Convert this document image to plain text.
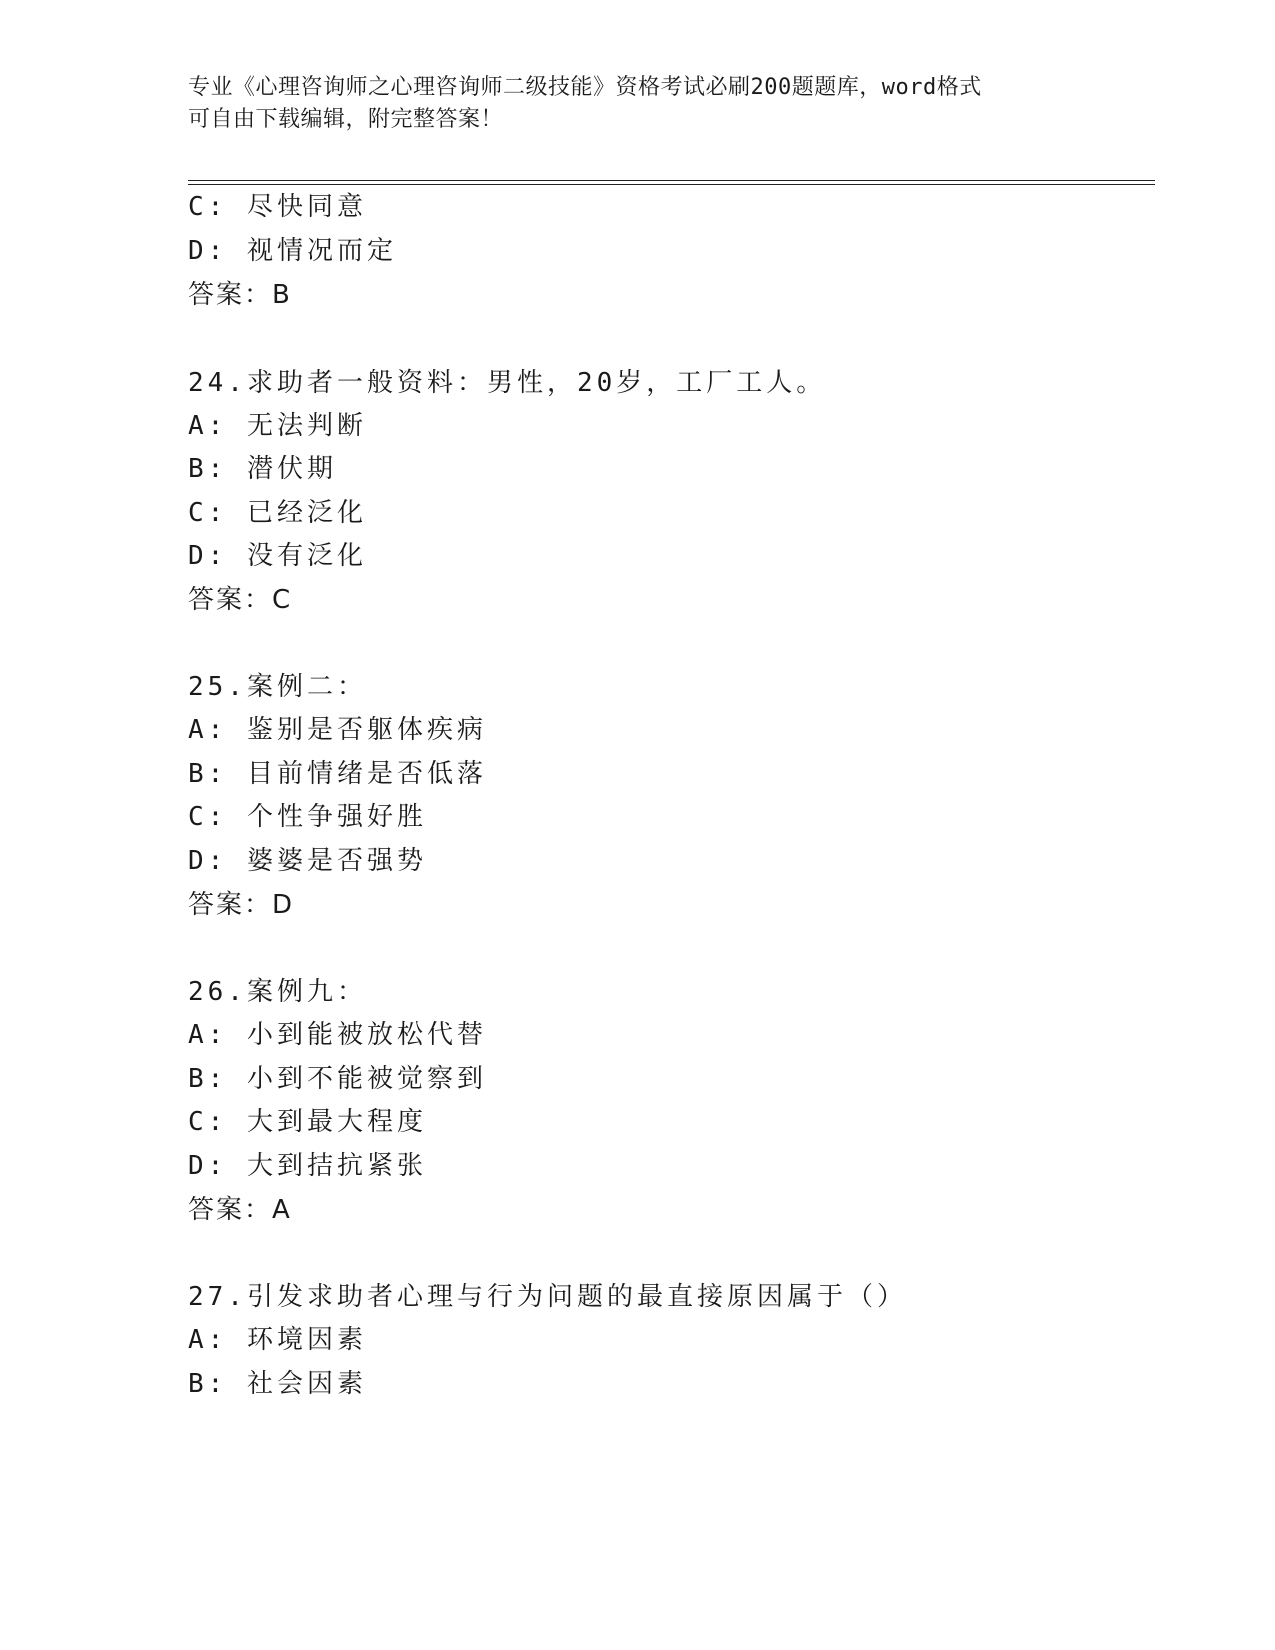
专业《心理咨询师之心理咨询师二级技能》资格考试必刷200题题库，word格式
可自由下载编辑，附完整答案！
C: 尽快同意
D: 视情况而定
答案：B
24.求助者一般资料：男性，20岁，工厂工人。
A: 无法判断
B: 潜伏期
C: 已经泛化
D: 没有泛化
答案：C
25.案例二：
A: 鉴别是否躯体疾病
B: 目前情绪是否低落
C: 个性争强好胜
D: 婆婆是否强势
答案：D
26.案例九：
A: 小到能被放松代替
B: 小到不能被觉察到
C: 大到最大程度
D: 大到拮抗紧张
答案：A
27.引发求助者心理与行为问题的最直接原因属于（）
A: 环境因素
B: 社会因素
